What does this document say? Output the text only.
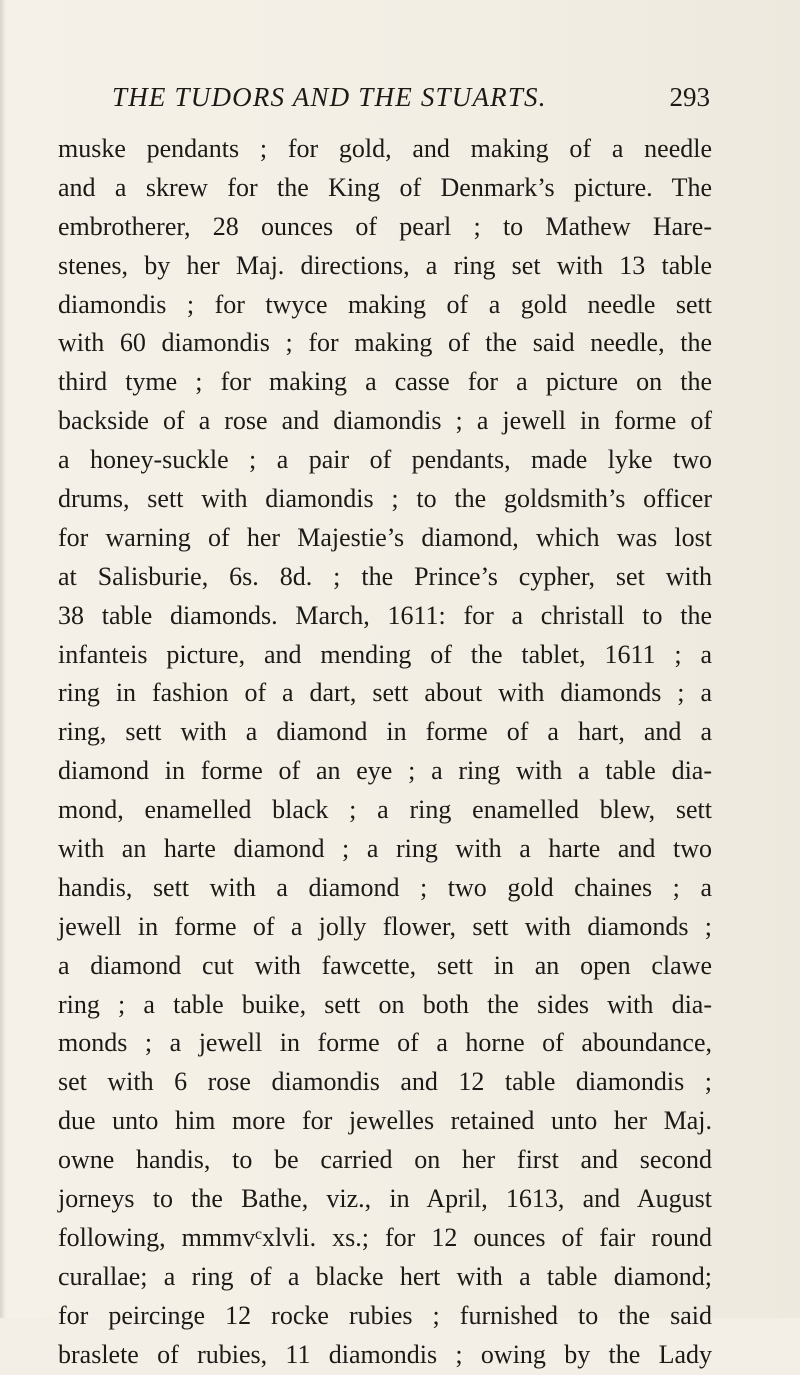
THE TUDORS AND THE STUARTS.	293
muske pendants ; for gold, and making of a needle
and a skrew for the King of Denmark’s picture. The
embrotherer, 28 ounces of pearl ; to Mathew Hare-
stenes, by her Maj. directions, a ring set with 13 table
diamondis ; for twyce making of a gold needle sett
with 60 diamondis ; for making of the said needle, the
third tyme ; for making a casse for a picture on the
backside of a rose and diamondis ; a jewell in forme of
a honey-suckle ; a pair of pendants, made lyke two
drums, sett with diamondis ; to the goldsmith’s officer
for warning of her Majestie’s diamond, which was lost
at Salisburie, 6s. 8d. ; the Prince’s cypher, set with
38 table diamonds. March, 1611: for a christall to the
infanteis picture, and mending of the tablet, 1611 ; a
ring in fashion of a dart, sett about with diamonds ; a
ring, sett with a diamond in forme of a hart, and a
diamond in forme of an eye ; a ring with a table dia-
mond, enamelled black ; a ring enamelled blew, sett
with an harte diamond ; a ring with a harte and two
handis, sett with a diamond ; two gold chaines ; a
jewell in forme of a jolly flower, sett with diamonds ;
a diamond cut with fawcette, sett in an open clawe
ring ; a table buike, sett on both the sides with dia-
monds ; a jewell in forme of a horne of aboundance,
set with 6 rose diamondis and 12 table diamondis ;
due unto him more for jewelles retained unto her Maj.
owne handis, to be carried on her first and second
jorneys to the Bathe, viz., in April, 1613, and August
following, mmmvᶜxlvli. xs.; for 12 ounces of fair round
curallae; a ring of a blacke hert with a table diamond;
for peircinge 12 rocke rubies ; furnished to the said
braslete of rubies, 11 diamondis ; owing by the Lady
